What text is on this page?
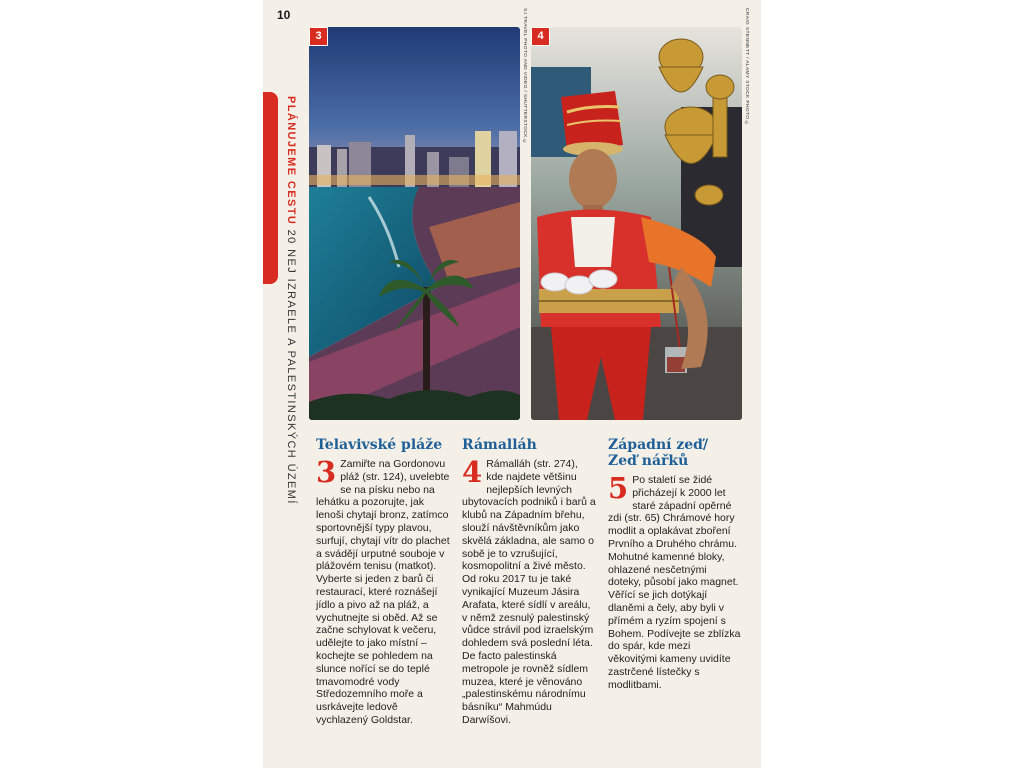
10
PLÁNUJEME CESTU 20 NEJ IZRAELE A PALESTINSKÝCH ÚZEMÍ
3	SJ TRAVEL PHOTO AND VIDEO / SHUTTERSTOCK © 4	CRAIG STENNETT / ALAMY STOCK PHOTO ©
Telavivské pláže
3 Zamiřte na Gordonovu pláž (str. 124), uvelebte se na písku nebo na lehátku a pozorujte, jak lenoši chytají bronz, zatímco sportovnější typy plavou, surfují, chytají vítr do plachet a svádějí urputné souboje v plážovém tenisu (matkot). Vyberte si jeden z barů či restaurací, které roznášejí jídlo a pivo až na pláž, a vychutnejte si oběd. Až se začne schylovat k večeru, udělejte to jako místní – kochejte se pohledem na slunce nořící se do teplé tmavomodré vody Středozemního moře a usrkávejte ledově vychlazený Goldstar.

Rámalláh
4 Rámalláh (str. 274), kde najdete většinu nejlepších levných ubytovacích podniků i barů a klubů na Západním břehu, slouží návštěvníkům jako skvělá základna, ale samo o sobě je to vzrušující, kosmopolitní a živé město. Od roku 2017 tu je také vynikající Muzeum Jásira Arafata, které sídlí v areálu, v němž zesnulý palestinský vůdce strávil pod izraelským dohledem svá poslední léta. De facto palestinská metropole je rovněž sídlem muzea, které je věnováno „palestinskému národnímu básníku“ Mahmúdu Darwíšovi.

Západní zeď/ Zeď nářků
5 Po staletí se židé přicházejí k 2000 let staré západní opěrné zdi (str. 65) Chrámové hory modlit a oplakávat zboření Prvního a Druhého chrámu. Mohutné kamenné bloky, ohlazené nesčetnými doteky, působí jako magnet. Věřící se jich dotýkají dlaněmi a čely, aby byli v přímém a ryzím spojení s Bohem. Podívejte se zblízka do spár, kde mezi věkovitými kameny uvidíte zastrčené lístečky s modlitbami.
